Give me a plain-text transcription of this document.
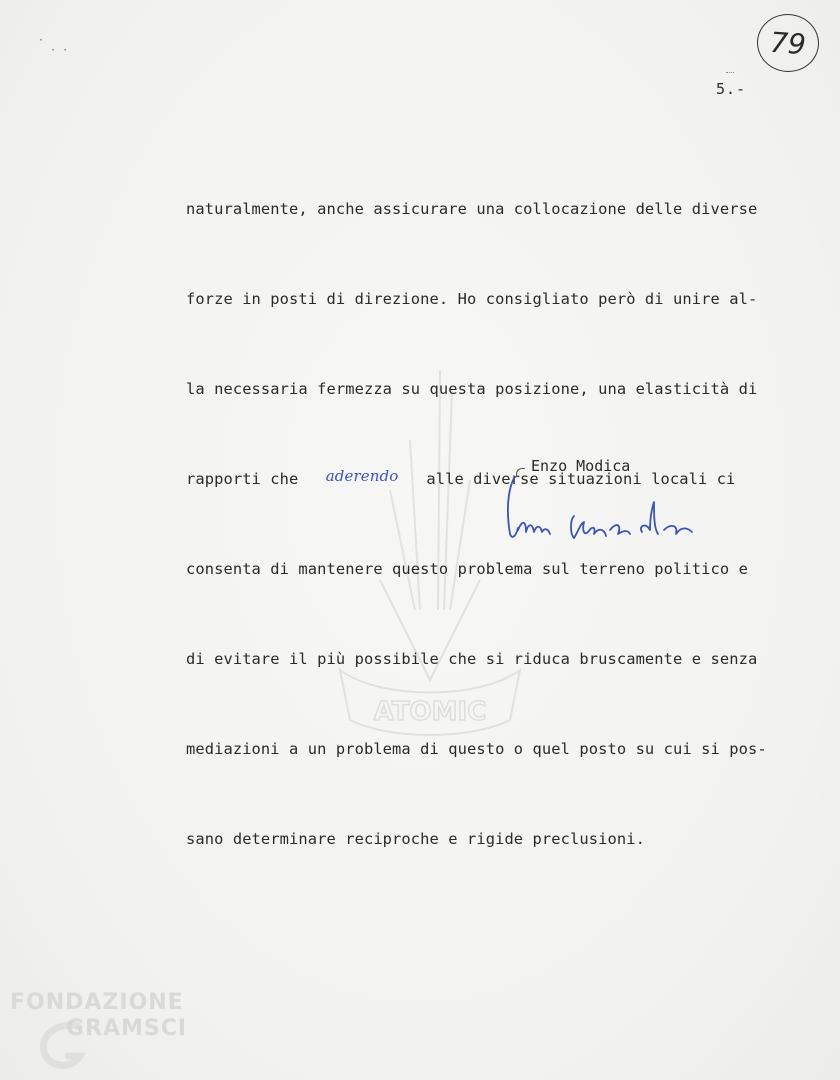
ATOMIC
·
· ·	79
5.-

naturalmente, anche assicurare una collocazione delle diverse

forze in posti di direzione. Ho consigliato però di unire al-

la necessaria fermezza su questa posizione, una elasticità di

rapporti che aderendo alle diverse situazioni locali ci

consenta di mantenere questo problema sul terreno politico e

di evitare il più possibile che si riduca bruscamente e senza

mediazioni a un problema di questo o quel posto su cui si pos-

sano determinare reciproche e rigide preclusioni.

Enzo Modica
FONDAZIONE
GRAMSCI
